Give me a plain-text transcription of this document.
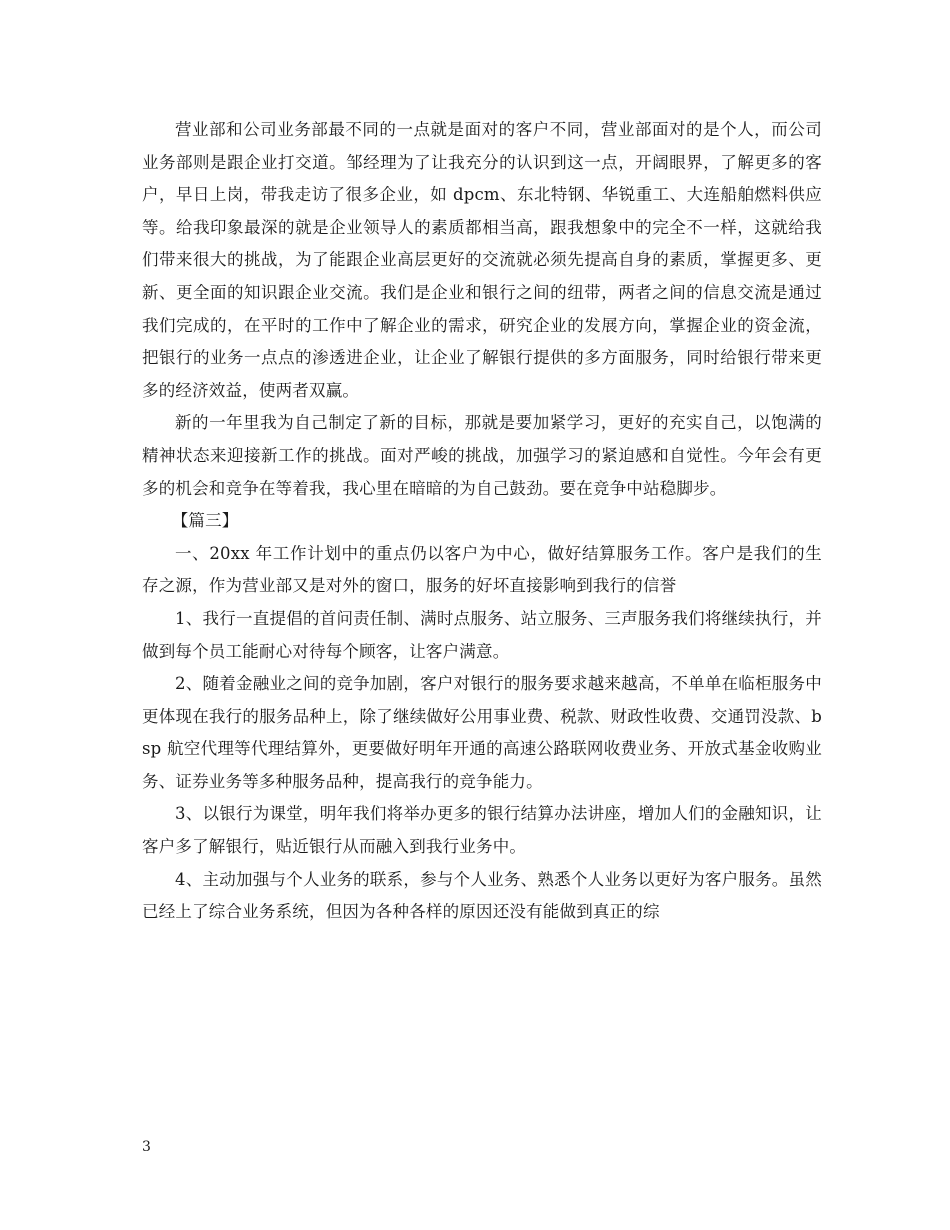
营业部和公司业务部最不同的一点就是面对的客户不同，营业部面对的是个人，而公司业务部则是跟企业打交道。邹经理为了让我充分的认识到这一点，开阔眼界，了解更多的客户，早日上岗，带我走访了很多企业，如 dpcm、东北特钢、华锐重工、大连船舶燃料供应等。给我印象最深的就是企业领导人的素质都相当高，跟我想象中的完全不一样，这就给我们带来很大的挑战，为了能跟企业高层更好的交流就必须先提高自身的素质，掌握更多、更新、更全面的知识跟企业交流。我们是企业和银行之间的纽带，两者之间的信息交流是通过我们完成的，在平时的工作中了解企业的需求，研究企业的发展方向，掌握企业的资金流，把银行的业务一点点的渗透进企业，让企业了解银行提供的多方面服务，同时给银行带来更多的经济效益，使两者双赢。

新的一年里我为自己制定了新的目标，那就是要加紧学习，更好的充实自己，以饱满的精神状态来迎接新工作的挑战。面对严峻的挑战，加强学习的紧迫感和自觉性。今年会有更多的机会和竞争在等着我，我心里在暗暗的为自己鼓劲。要在竞争中站稳脚步。

【篇三】

一、20xx 年工作计划中的重点仍以客户为中心，做好结算服务工作。客户是我们的生存之源，作为营业部又是对外的窗口，服务的好坏直接影响到我行的信誉

1、我行一直提倡的首问责任制、满时点服务、站立服务、三声服务我们将继续执行，并做到每个员工能耐心对待每个顾客，让客户满意。

2、随着金融业之间的竞争加剧，客户对银行的服务要求越来越高，不单单在临柜服务中更体现在我行的服务品种上，除了继续做好公用事业费、税款、财政性收费、交通罚没款、bsp 航空代理等代理结算外，更要做好明年开通的高速公路联网收费业务、开放式基金收购业务、证券业务等多种服务品种，提高我行的竞争能力。

3、以银行为课堂，明年我们将举办更多的银行结算办法讲座，增加人们的金融知识，让客户多了解银行，贴近银行从而融入到我行业务中。

4、主动加强与个人业务的联系，参与个人业务、熟悉个人业务以更好为客户服务。虽然已经上了综合业务系统，但因为各种各样的原因还没有能做到真正的综

3
